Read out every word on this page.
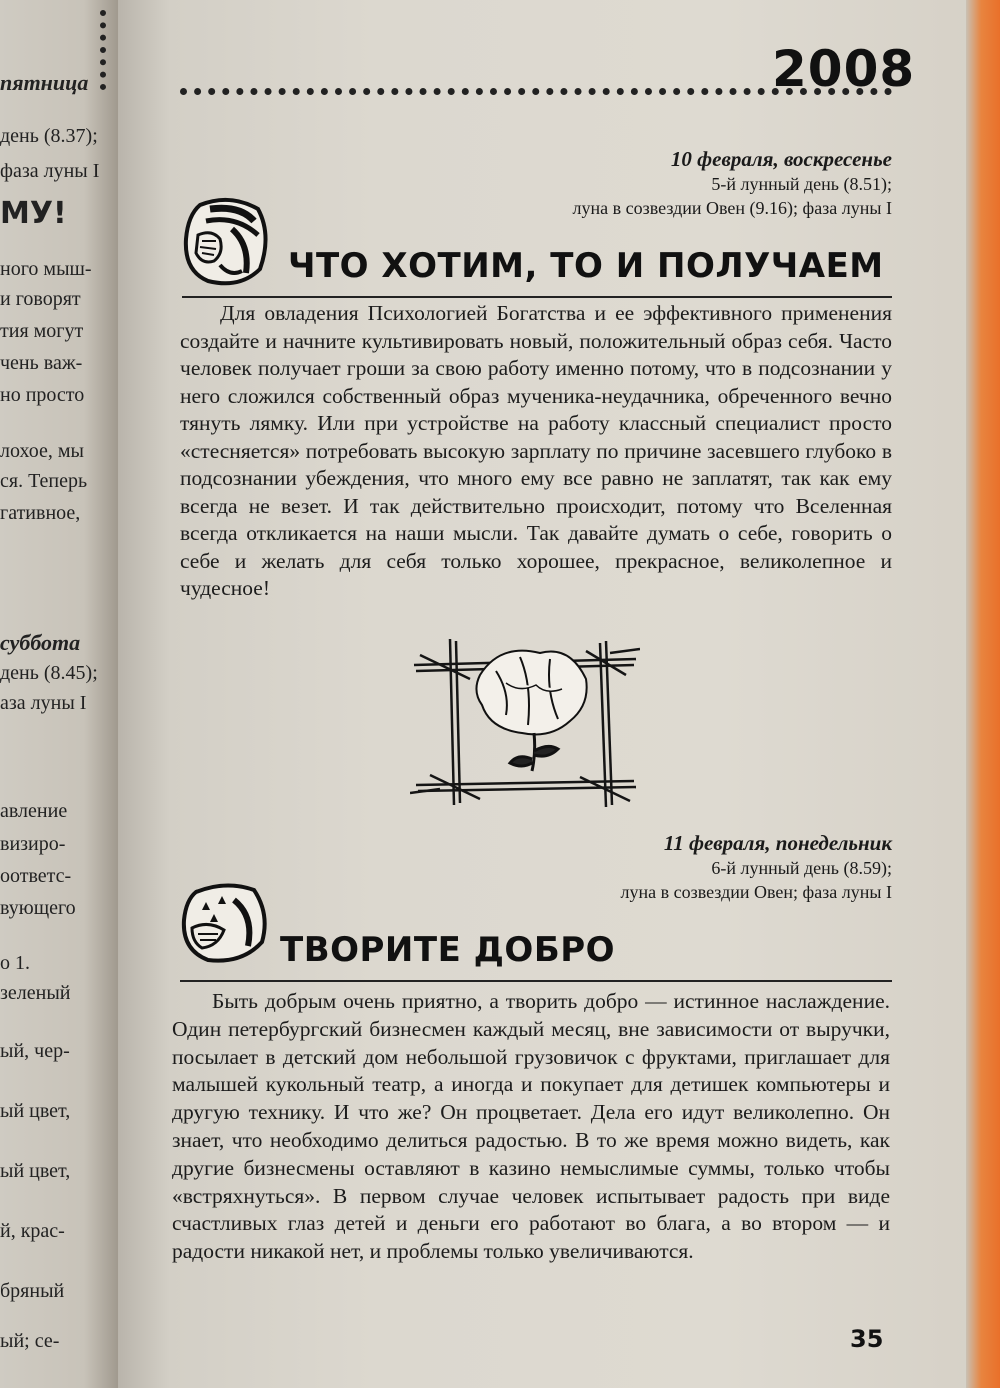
пятница
день (8.37);
фаза луны I
МУ!
ного мыш-
и говорят
тия могут
чень важ-
но просто
лохое, мы
ся. Теперь
гативное,
суббота
день (8.45);
аза луны I
авление
визиро-
оответс-
вующего
о 1.
зеленый
ый, чер-
ый цвет,
ый цвет,
й, крас-
бряный
ый; се-
2008
10 февраля, воскресенье
5-й лунный день (8.51);
луна в созвездии Овен (9.16); фаза луны I
ЧТО ХОТИМ, ТО И ПОЛУЧАЕМ

Для овладения Психологией Богатства и ее эффективного применения создайте и начните культивировать новый, положительный образ себя. Часто человек получает гроши за свою работу именно потому, что в подсознании у него сложился собственный образ мученика-неудачника, обреченного вечно тянуть лямку. Или при устройстве на работу классный специалист просто «стесняется» потребовать высокую зарплату по причине засевшего глубоко в подсознании убеждения, что много ему все равно не заплатят, так как ему всегда не везет. И так действительно происходит, потому что Вселенная всегда откликается на наши мысли. Так давайте думать о себе, говорить о себе и желать для себя только хорошее, прекрасное, великолепное и чудесное!

11 февраля, понедельник
6-й лунный день (8.59);
луна в созвездии Овен; фаза луны I
ТВОРИТЕ ДОБРО

Быть добрым очень приятно, а творить добро — истинное наслаждение. Один петербургский бизнесмен каждый месяц, вне зависимости от выручки, посылает в детский дом небольшой грузовичок с фруктами, приглашает для малышей кукольный театр, а иногда и покупает для детишек компьютеры и другую технику. И что же? Он процветает. Дела его идут великолепно. Он знает, что необходимо делиться радостью. В то же время можно видеть, как другие бизнесмены оставляют в казино немыслимые суммы, только чтобы «встряхнуться». В первом случае человек испытывает радость при виде счастливых глаз детей и деньги его работают во блага, а во втором — и радости никакой нет, и проблемы только увеличиваются.

35
